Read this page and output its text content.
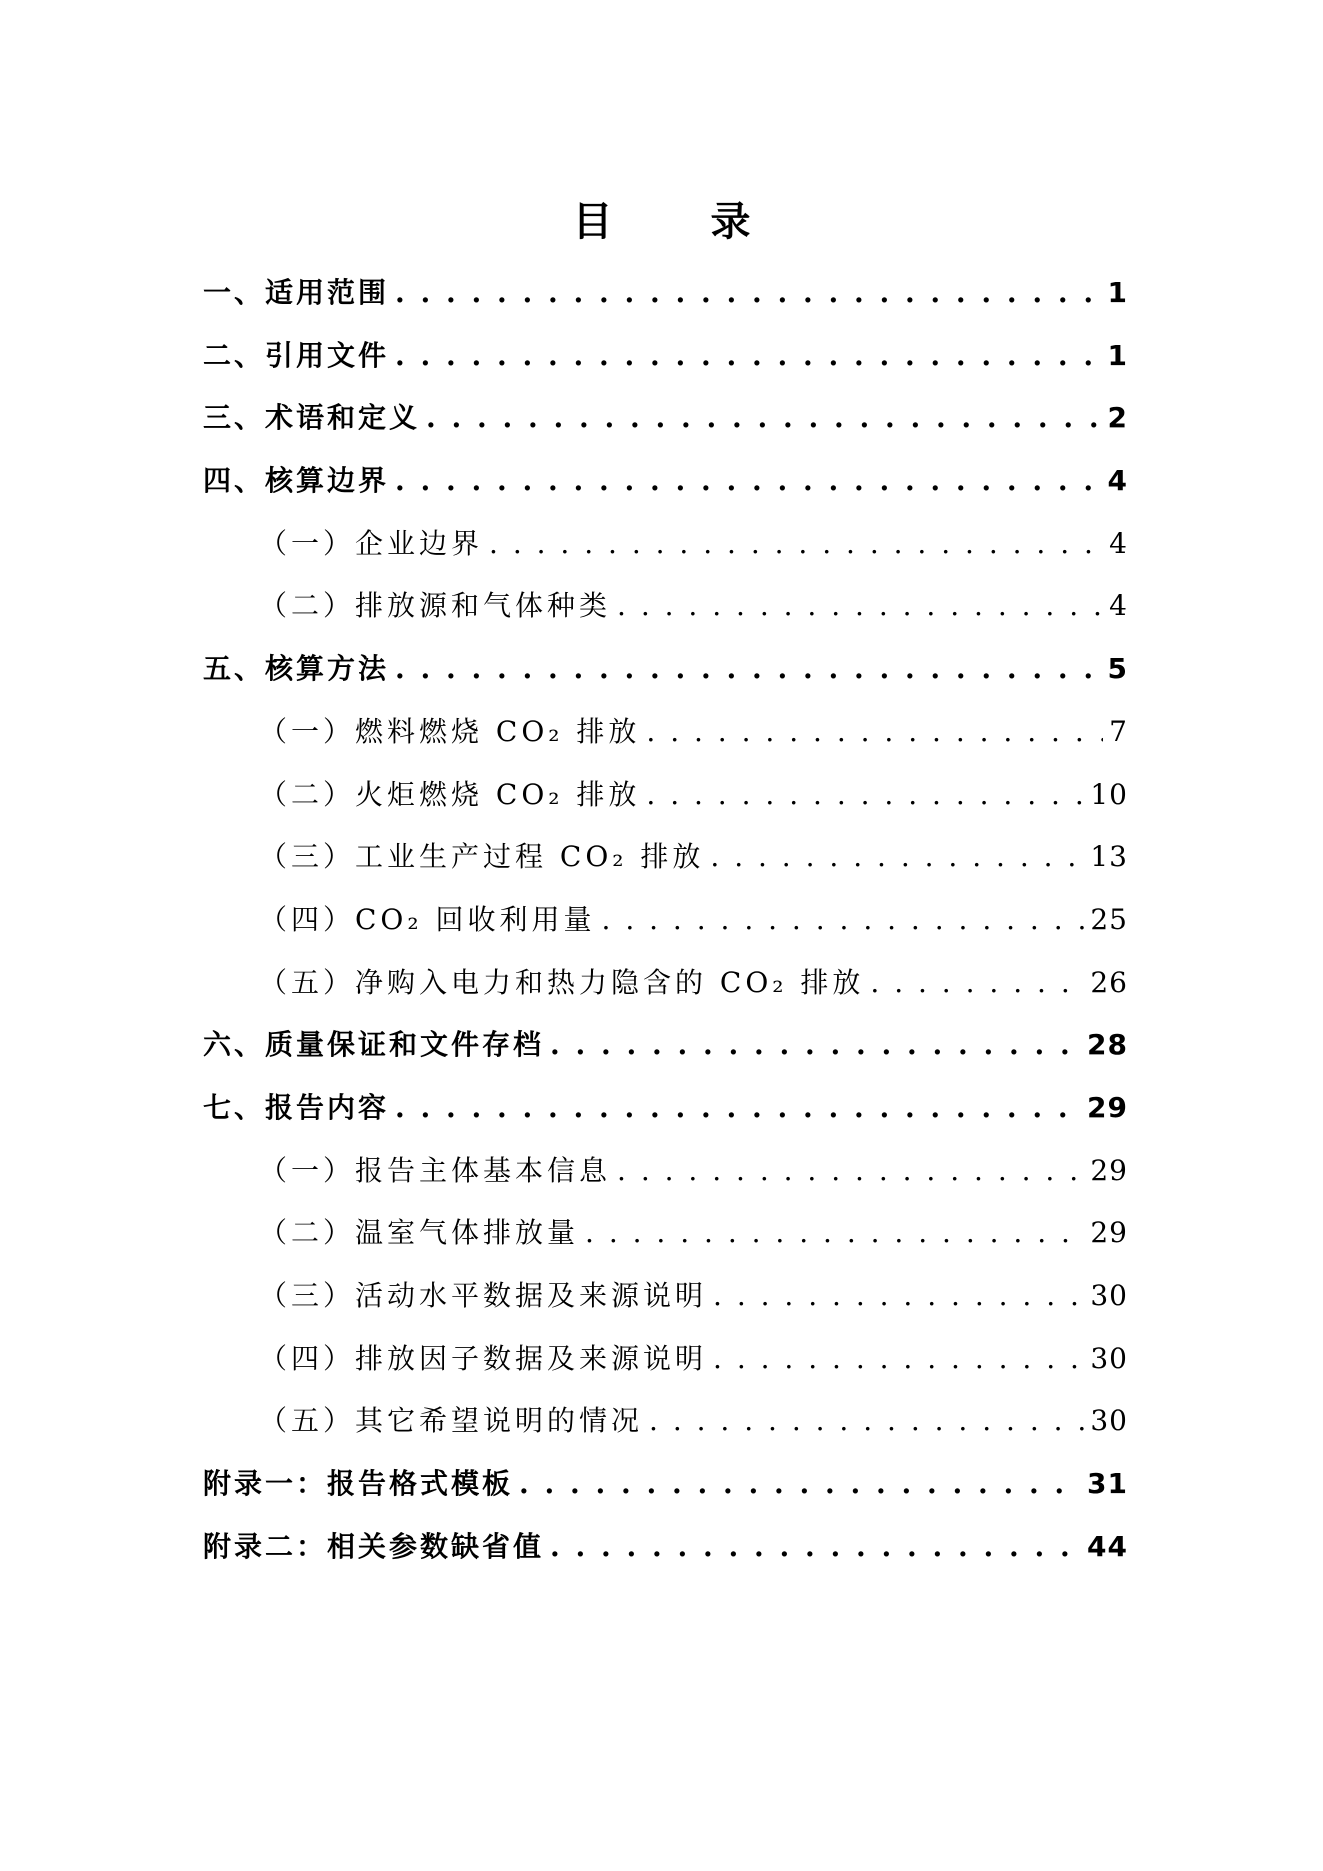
目 录
一、适用范围 . . .	1
二、引用文件 . . .	1
三、术语和定义 . . .	2
四、核算边界 . . .	4
（一）企业边界 . . .	4
（二）排放源和气体种类 . . .	4
五、核算方法 . . .	5
（一）燃料燃烧 CO₂ 排放 . . .	7
（二）火炬燃烧 CO₂ 排放 . . .	10
（三）工业生产过程 CO₂ 排放 . . .	13
（四）CO₂ 回收利用量 . . .	25
（五）净购入电力和热力隐含的 CO₂ 排放 . . .	26
六、质量保证和文件存档 . . .	28
七、报告内容 . . .	29
（一）报告主体基本信息 . . .	29
（二）温室气体排放量 . . .	29
（三）活动水平数据及来源说明 . . .	30
（四）排放因子数据及来源说明 . . .	30
（五）其它希望说明的情况 . . .	30
附录一：报告格式模板 . . .	31
附录二：相关参数缺省值 . . .	44
